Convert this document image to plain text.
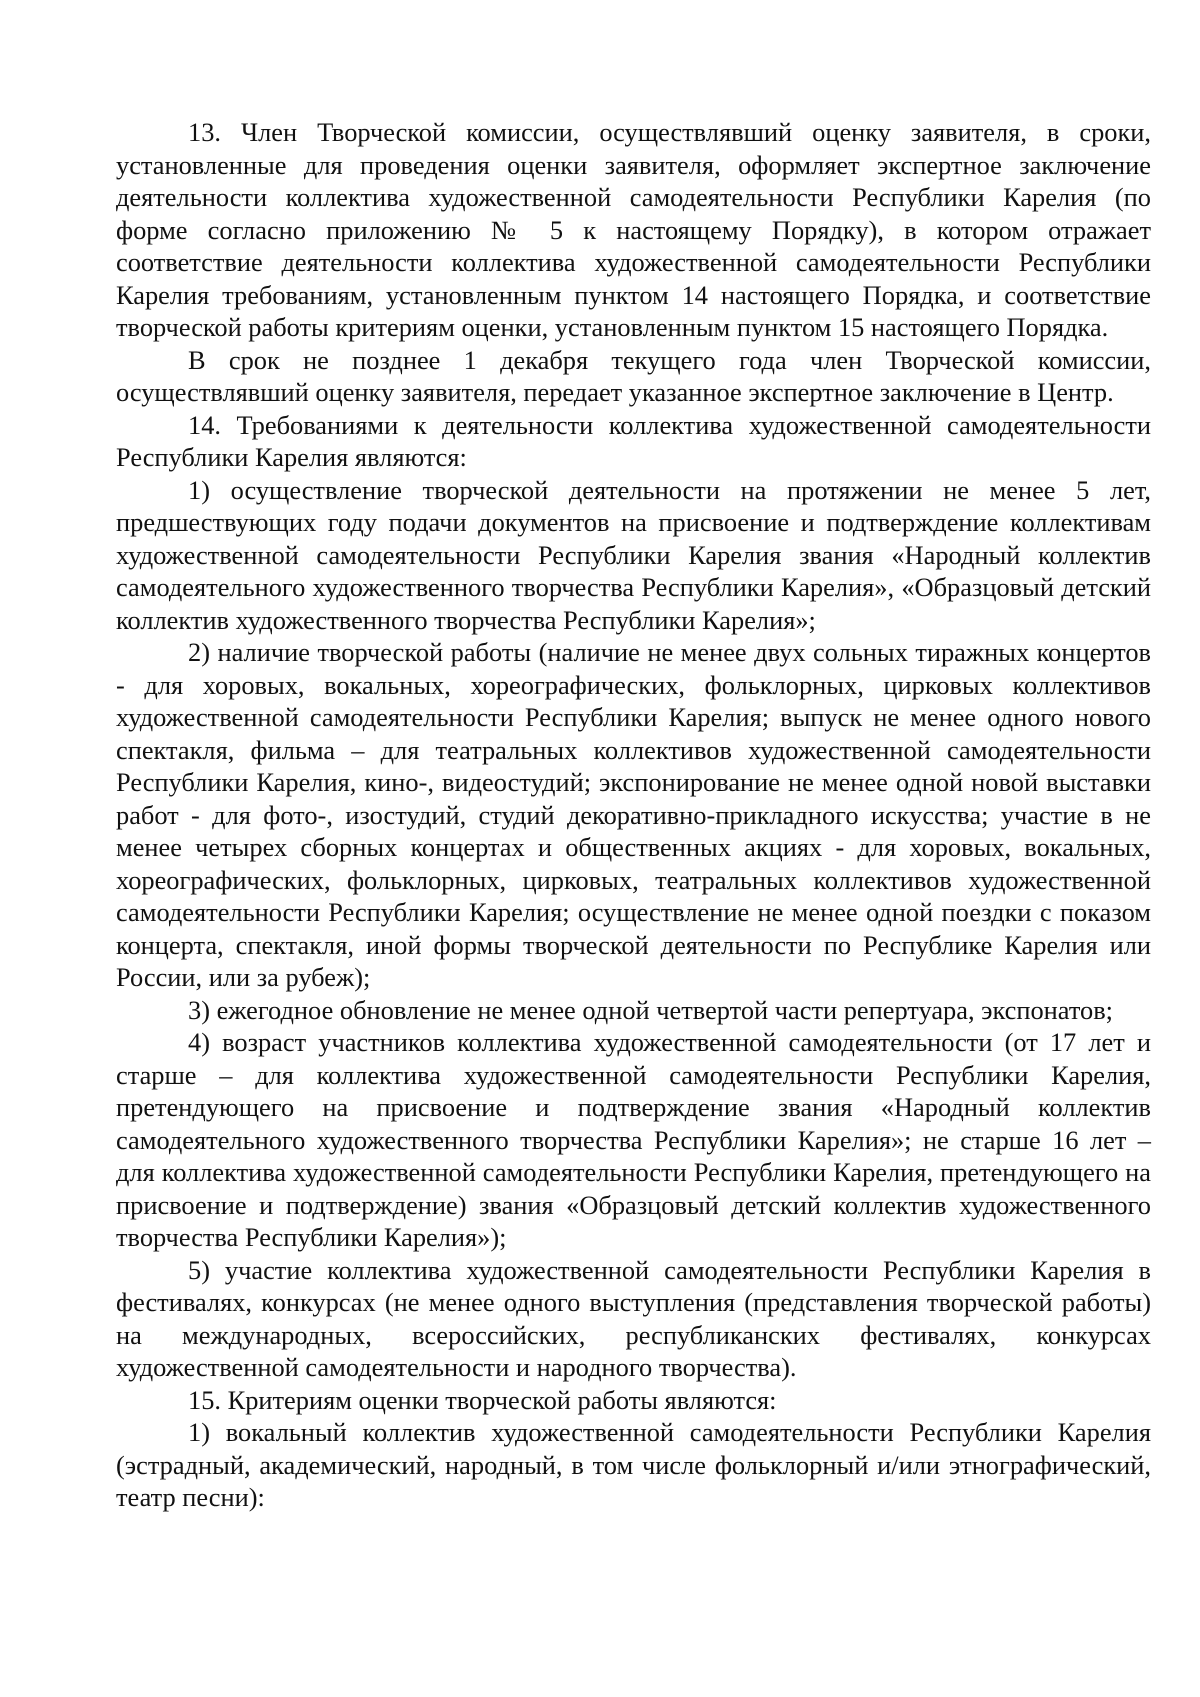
13. Член Творческой комиссии, осуществлявший оценку заявителя, в сроки, установленные для проведения оценки заявителя, оформляет экспертное заключение деятельности коллектива художественной самодеятельности Республики Карелия (по форме согласно приложению № 5 к настоящему Порядку), в котором отражает соответствие деятельности коллектива художественной самодеятельности Республики Карелия требованиям, установленным пунктом 14 настоящего Порядка, и соответствие творческой работы критериям оценки, установленным пунктом 15 настоящего Порядка.

В срок не позднее 1 декабря текущего года член Творческой комиссии, осуществлявший оценку заявителя, передает указанное экспертное заключение в Центр.

14. Требованиями к деятельности коллектива художественной самодеятельности Республики Карелия являются:

1) осуществление творческой деятельности на протяжении не менее 5 лет, предшествующих году подачи документов на присвоение и подтверждение коллективам художественной самодеятельности Республики Карелия звания «Народный коллектив самодеятельного художественного творчества Республики Карелия», «Образцовый детский коллектив художественного творчества Республики Карелия»;

2) наличие творческой работы (наличие не менее двух сольных тиражных концертов - для хоровых, вокальных, хореографических, фольклорных, цирковых коллективов художественной самодеятельности Республики Карелия; выпуск не менее одного нового спектакля, фильма – для театральных коллективов художественной самодеятельности Республики Карелия, кино-, видеостудий; экспонирование не менее одной новой выставки работ - для фото-, изостудий, студий декоративно-прикладного искусства; участие в не менее четырех сборных концертах и общественных акциях - для хоровых, вокальных, хореографических, фольклорных, цирковых, театральных коллективов художественной самодеятельности Республики Карелия; осуществление не менее одной поездки с показом концерта, спектакля, иной формы творческой деятельности по Республике Карелия или России, или за рубеж);

3) ежегодное обновление не менее одной четвертой части репертуара, экспонатов;

4) возраст участников коллектива художественной самодеятельности (от 17 лет и старше – для коллектива художественной самодеятельности Республики Карелия, претендующего на присвоение и подтверждение звания «Народный коллектив самодеятельного художественного творчества Республики Карелия»; не старше 16 лет – для коллектива художественной самодеятельности Республики Карелия, претендующего на присвоение и подтверждение) звания «Образцовый детский коллектив художественного творчества Республики Карелия»);

5) участие коллектива художественной самодеятельности Республики Карелия в фестивалях, конкурсах (не менее одного выступления (представления творческой работы) на международных, всероссийских, республиканских фестивалях, конкурсах художественной самодеятельности и народного творчества).

15. Критериям оценки творческой работы являются:

1) вокальный коллектив художественной самодеятельности Республики Карелия (эстрадный, академический, народный, в том числе фольклорный и/или этнографический, театр песни):
